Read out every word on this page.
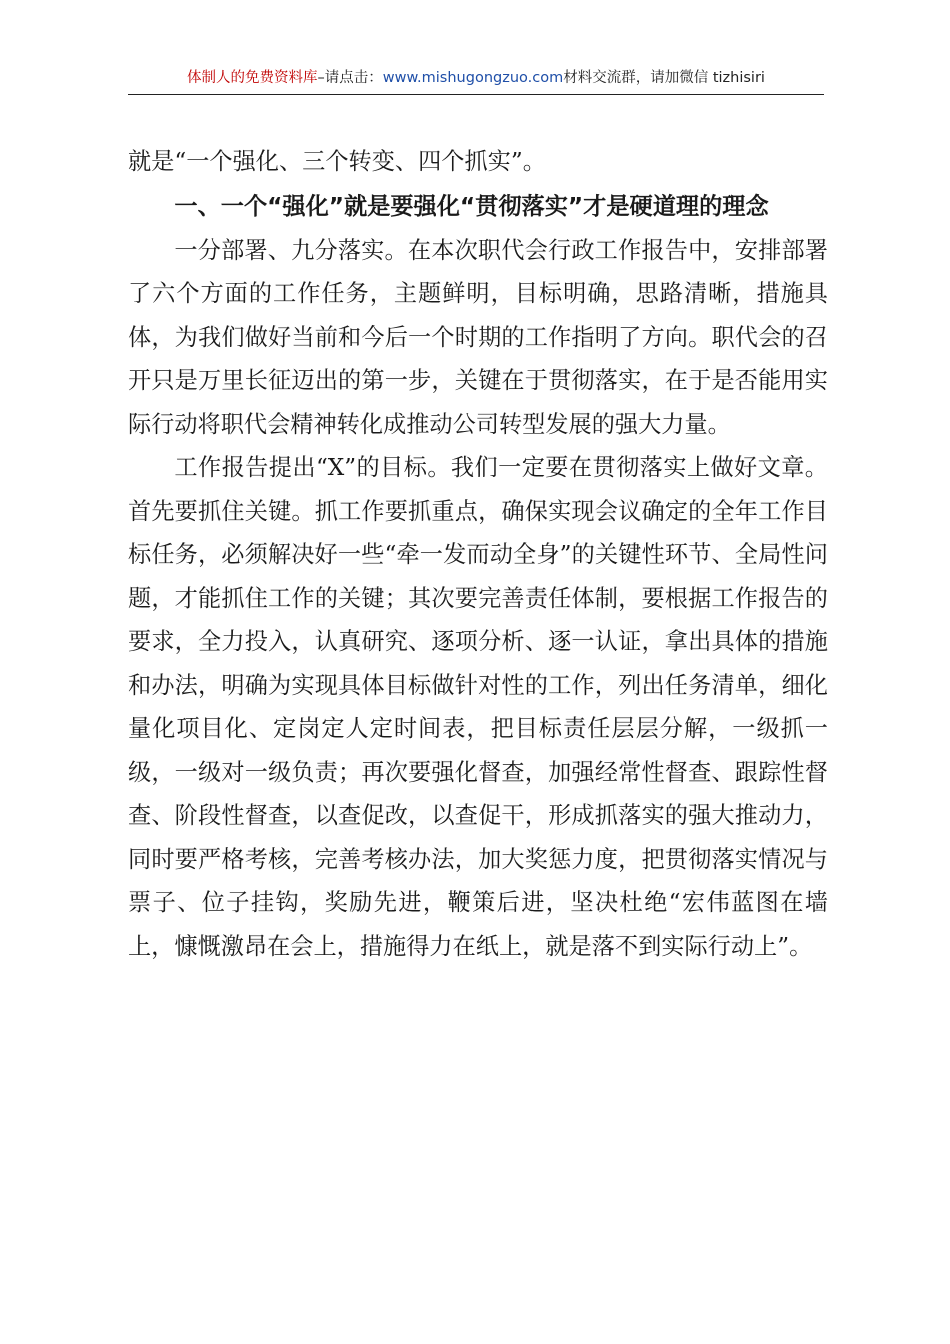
体制人的免费资料库–请点击：www.mishugongzuo.com材料交流群，请加微信 tizhisiri

就是“一个强化、三个转变、四个抓实”。

一、一个“强化”就是要强化“贯彻落实”才是硬道理的理念

一分部署、九分落实。在本次职代会行政工作报告中，安排部署了六个方面的工作任务，主题鲜明，目标明确，思路清晰，措施具体，为我们做好当前和今后一个时期的工作指明了方向。职代会的召开只是万里长征迈出的第一步，关键在于贯彻落实，在于是否能用实际行动将职代会精神转化成推动公司转型发展的强大力量。

工作报告提出“X”的目标。我们一定要在贯彻落实上做好文章。首先要抓住关键。抓工作要抓重点，确保实现会议确定的全年工作目标任务，必须解决好一些“牵一发而动全身”的关键性环节、全局性问题，才能抓住工作的关键；其次要完善责任体制，要根据工作报告的要求，全力投入，认真研究、逐项分析、逐一认证，拿出具体的措施和办法，明确为实现具体目标做针对性的工作，列出任务清单，细化量化项目化、定岗定人定时间表，把目标责任层层分解，一级抓一级，一级对一级负责；再次要强化督查，加强经常性督查、跟踪性督查、阶段性督查，以查促改，以查促干，形成抓落实的强大推动力，同时要严格考核，完善考核办法，加大奖惩力度，把贯彻落实情况与票子、位子挂钩，奖励先进，鞭策后进，坚决杜绝“宏伟蓝图在墙上，慷慨激昂在会上，措施得力在纸上，就是落不到实际行动上”。
